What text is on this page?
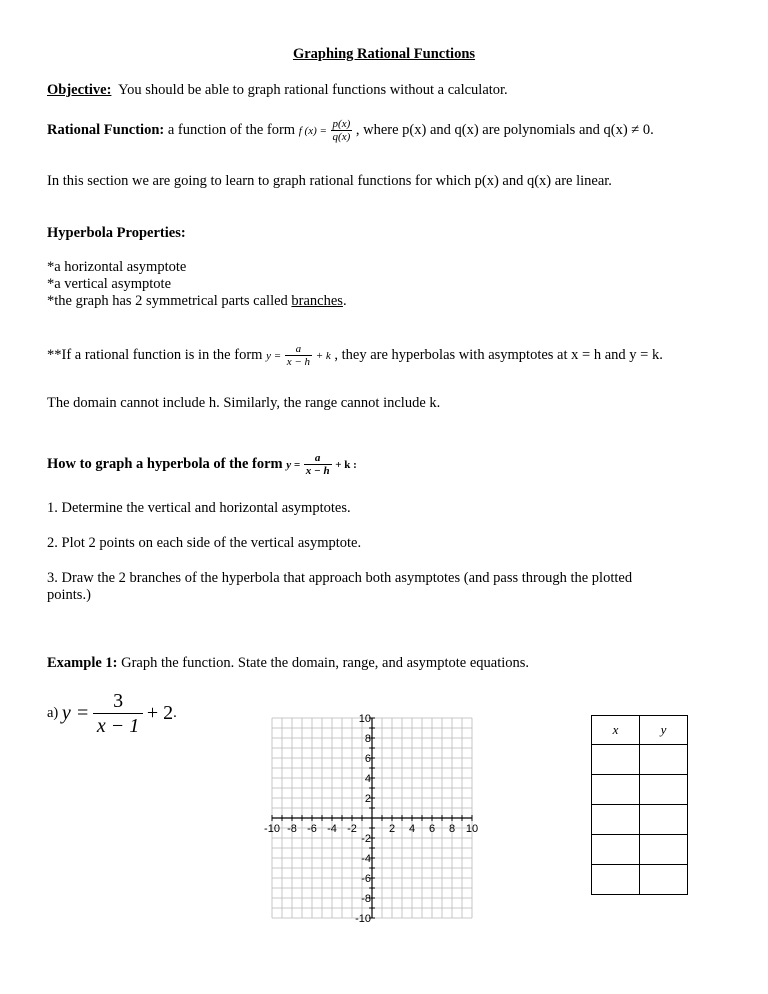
Graphing Rational Functions
Objective: You should be able to graph rational functions without a calculator.
Rational Function: a function of the form f $(x) = \frac{p(x)}{q(x)}$ , where p(x) and q(x) are polynomials and q(x) ≠ 0.
In this section we are going to learn to graph rational functions for which p(x) and q(x) are linear.
Hyperbola Properties:
*a horizontal asymptote
*a vertical asymptote
*the graph has 2 symmetrical parts called branches.
**If a rational function is in the form $y = \frac{a}{x - h} + k$ , they are hyperbolas with asymptotes at x = h and y = k.
The domain cannot include h. Similarly, the range cannot include k.
How to graph a hyperbola of the form $y = \frac{a}{x - h} + k$ :
1. Determine the vertical and horizontal asymptotes.
2. Plot 2 points on each side of the vertical asymptote.
3. Draw the 2 branches of the hyperbola that approach both asymptotes (and pass through the plotted
points.)
Example 1: Graph the function. State the domain, range, and asymptote equations.
a) $y = \frac{3}{x - 1} + 2$.
-10 -8 -6 -4 -2	2 4 6 8 10
10
8
6
4
2
-2
-4
-6
-8
-10
x	y
